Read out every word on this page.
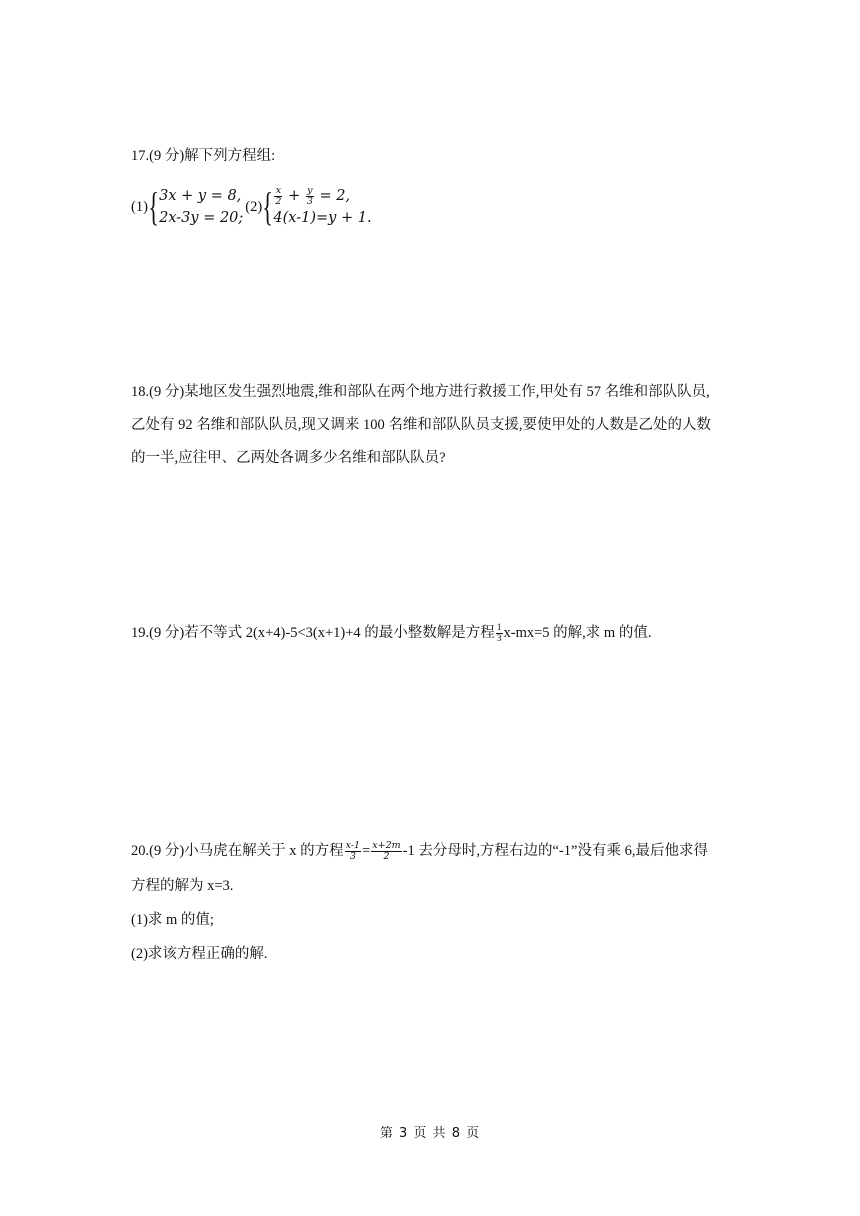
17.(9 分)解下列方程组:
(1) { 3x + y = 8,
2x-3y = 20;
(2) { $\frac{x}{2} + \frac{y}{3} = 2$,
4(x-1)=y + 1.
18.(9 分)某地区发生强烈地震,维和部队在两个地方进行救援工作,甲处有 57 名维和部队队员,
乙处有 92 名维和部队队员,现又调来 100 名维和部队队员支援,要使甲处的人数是乙处的人数
的一半,应往甲、乙两处各调多少名维和部队队员?
19.(9 分)若不等式 2(x+4)-5<3(x+1)+4 的最小整数解是方程 $\frac{1}{3} x-mx=5$ 的解,求 m 的值.
20.(9 分)小马虎在解关于 x 的方程 $\frac{x-1}{3} = \frac{x+2m}{2} -1$ 去分母时,方程右边的“-1”没有乘 6,最后他求得
方程的解为 x=3.
(1)求 m 的值;
(2)求该方程正确的解.
第 3 页 共 8 页
